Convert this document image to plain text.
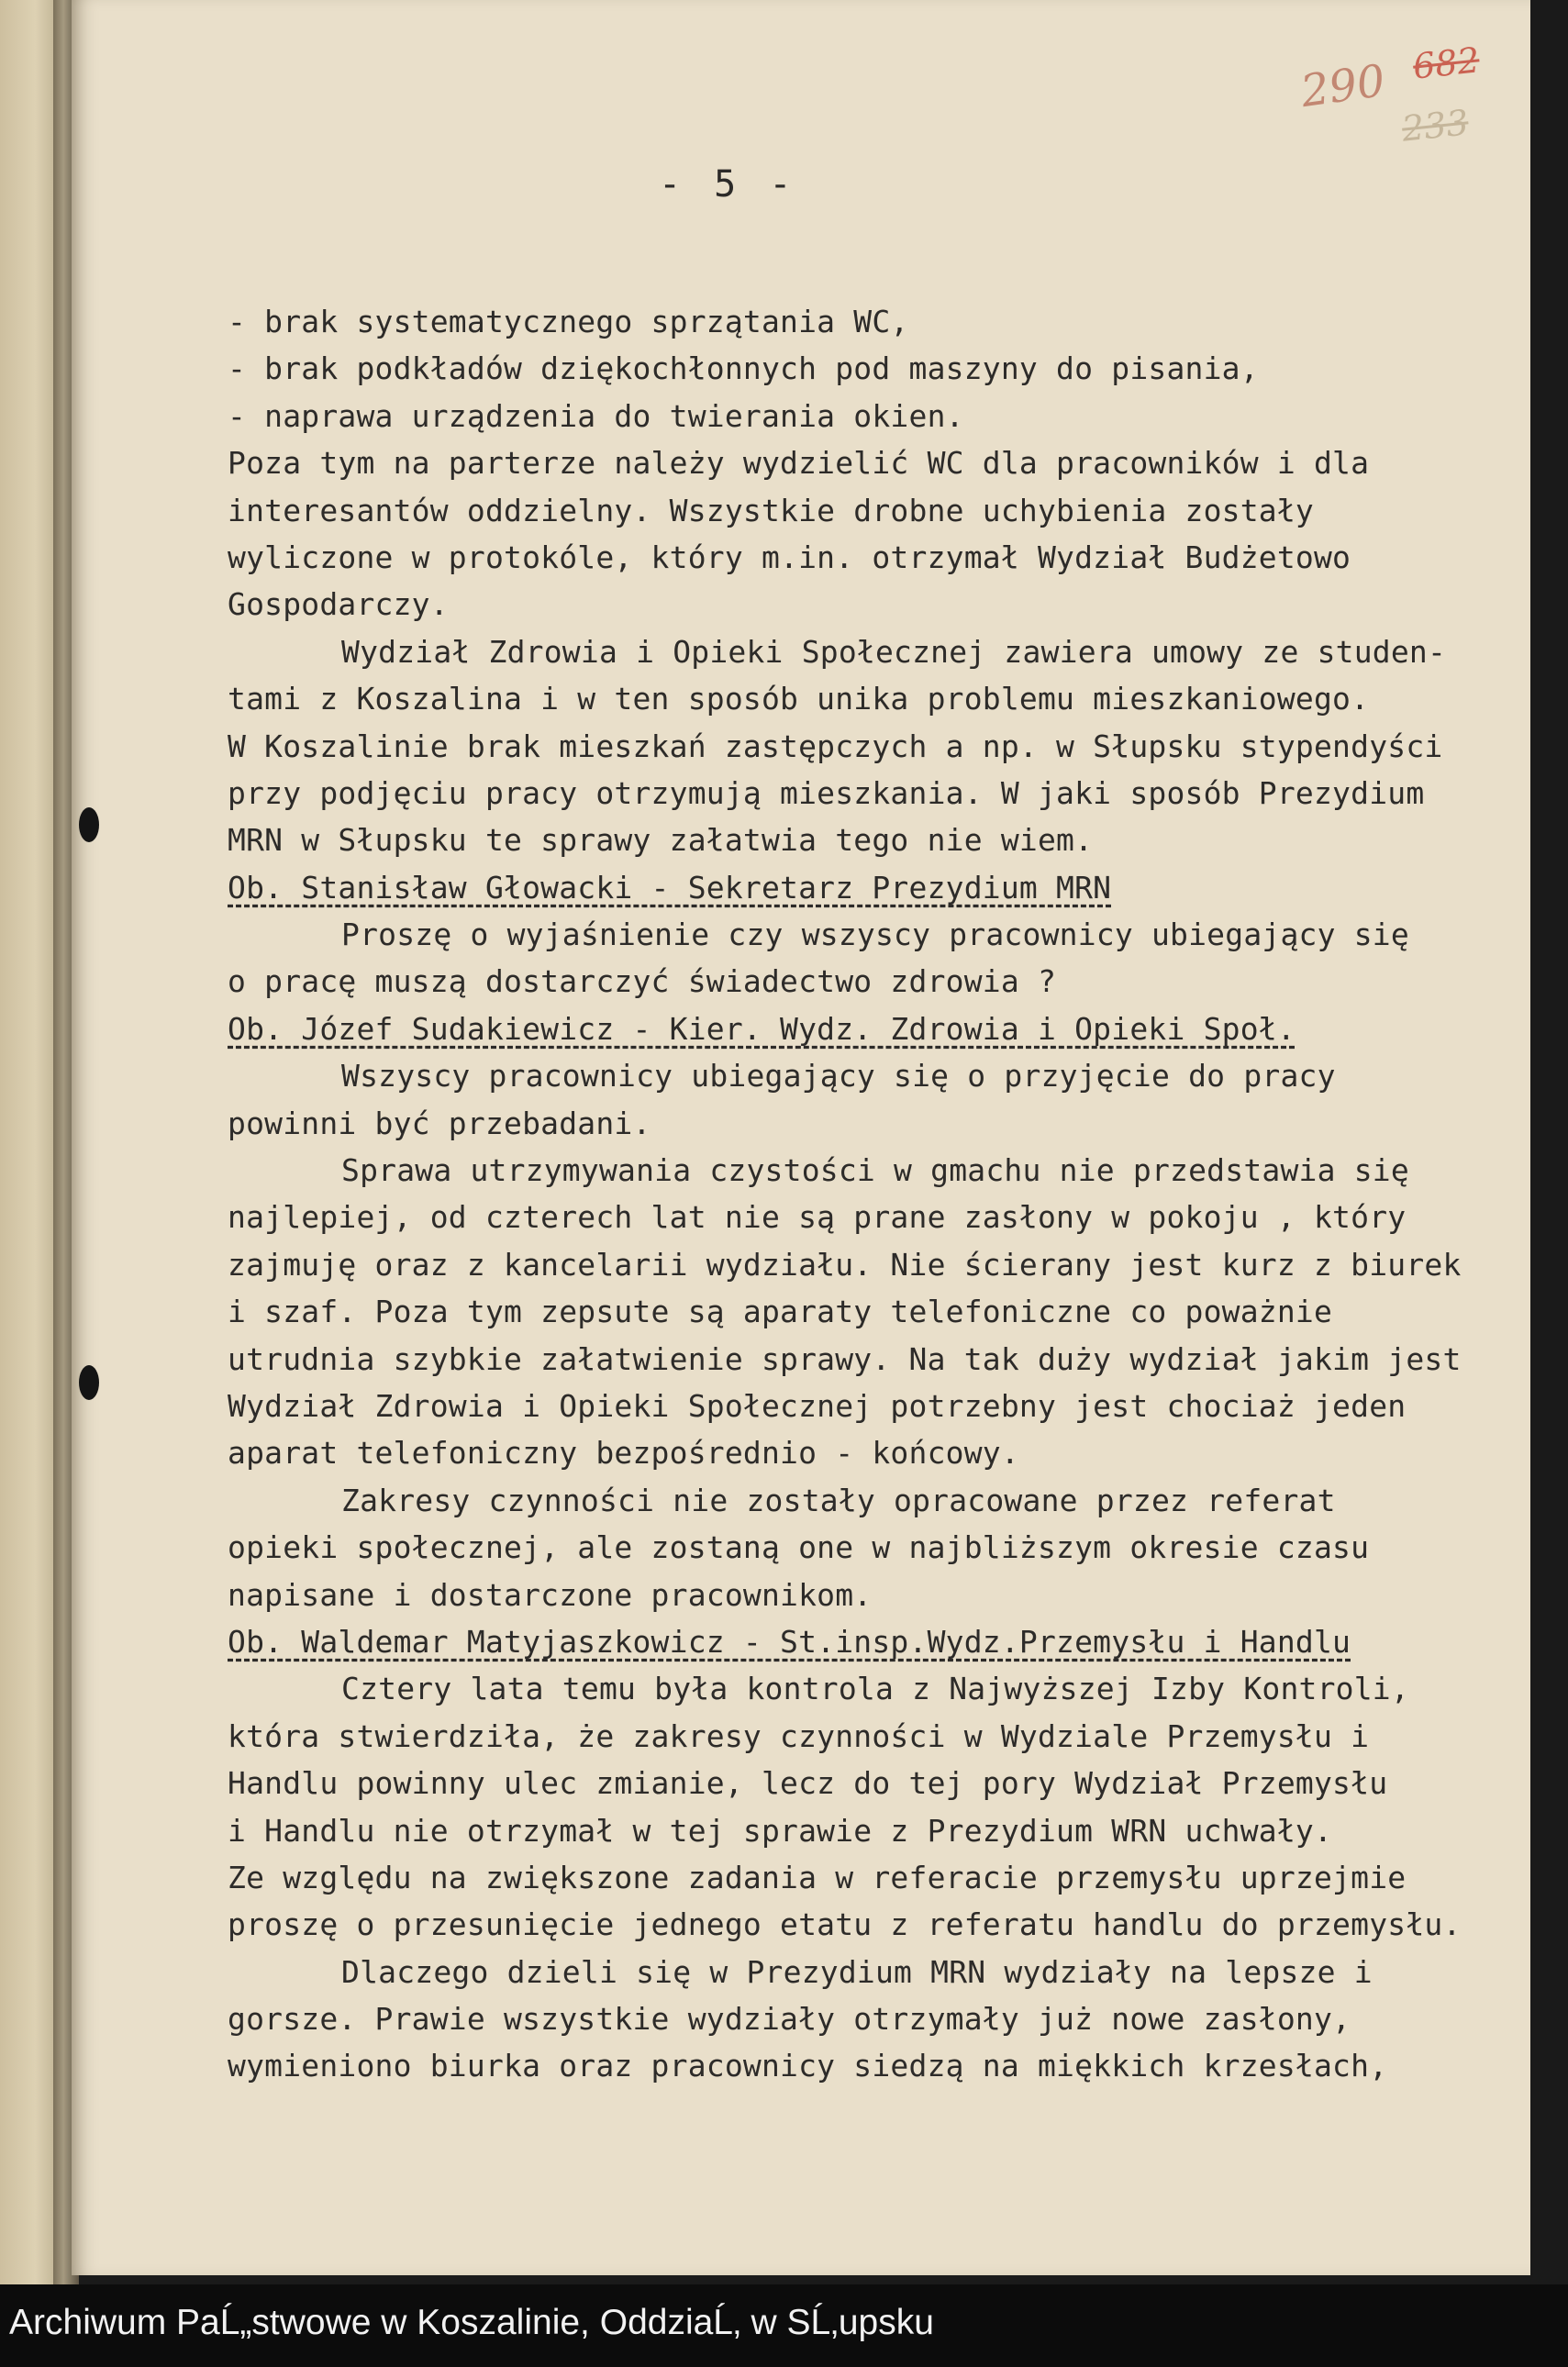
290 682
233
- 5 -
- brak systematycznego sprzątania WC,
- brak podkładów dziękochłonnych pod maszyny do pisania,
- naprawa urządzenia do twierania okien.
Poza tym na parterze należy wydzielić WC dla pracowników i dla
interesantów oddzielny. Wszystkie drobne uchybienia zostały
wyliczone w protokóle, który m.in. otrzymał Wydział Budżetowo
Gospodarczy.
Wydział Zdrowia i Opieki Społecznej zawiera umowy ze studen-
tami z Koszalina i w ten sposób unika problemu mieszkaniowego.
W Koszalinie brak mieszkań zastępczych a np. w Słupsku stypendyści
przy podjęciu pracy otrzymują mieszkania. W jaki sposób Prezydium
MRN w Słupsku te sprawy załatwia tego nie wiem.
Ob. Stanisław Głowacki - Sekretarz Prezydium MRN
Proszę o wyjaśnienie czy wszyscy pracownicy ubiegający się
o pracę muszą dostarczyć świadectwo zdrowia ?
Ob. Józef Sudakiewicz - Kier. Wydz. Zdrowia i Opieki Społ.
Wszyscy pracownicy ubiegający się o przyjęcie do pracy
powinni być przebadani.
Sprawa utrzymywania czystości w gmachu nie przedstawia się
najlepiej, od czterech lat nie są prane zasłony w pokoju , który
zajmuję oraz z kancelarii wydziału. Nie ścierany jest kurz z biurek
i szaf. Poza tym zepsute są aparaty telefoniczne co poważnie
utrudnia szybkie załatwienie sprawy. Na tak duży wydział jakim jest
Wydział Zdrowia i Opieki Społecznej potrzebny jest chociaż jeden
aparat telefoniczny bezpośrednio - końcowy.
Zakresy czynności nie zostały opracowane przez referat
opieki społecznej, ale zostaną one w najbliższym okresie czasu
napisane i dostarczone pracownikom.
Ob. Waldemar Matyjaszkowicz - St.insp.Wydz.Przemysłu i Handlu
Cztery lata temu była kontrola z Najwyższej Izby Kontroli,
która stwierdziła, że zakresy czynności w Wydziale Przemysłu i
Handlu powinny ulec zmianie, lecz do tej pory Wydział Przemysłu
i Handlu nie otrzymał w tej sprawie z Prezydium WRN uchwały.
Ze względu na zwiększone zadania w referacie przemysłu uprzejmie
proszę o przesunięcie jednego etatu z referatu handlu do przemysłu.
Dlaczego dzieli się w Prezydium MRN wydziały na lepsze i
gorsze. Prawie wszystkie wydziały otrzymały już nowe zasłony,
wymieniono biurka oraz pracownicy siedzą na miękkich krzesłach,
Archiwum PaĹ„stwowe w Koszalinie, OddziaĹ‚ w SĹ‚upsku
